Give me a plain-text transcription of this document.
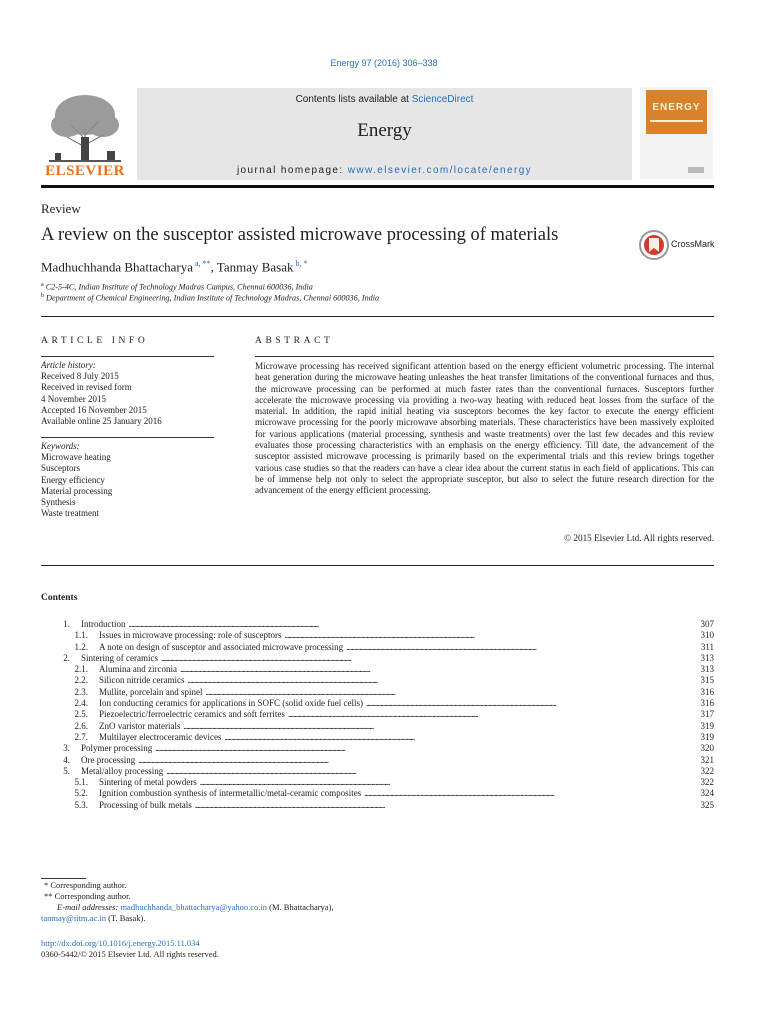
Energy 97 (2016) 306–338
ELSEVIER
Contents lists available at ScienceDirect
Energy
journal homepage: www.elsevier.com/locate/energy
ENERGY
Review
A review on the susceptor assisted microwave processing of materials	CrossMark
Madhuchhanda Bhattacharya $^{a, **}$, Tanmay Basak $^{b, *}$
$^a$ C2-5-4C, Indian Institute of Technology Madras Campus, Chennai 600036, India
$^b$ Department of Chemical Engineering, Indian Institute of Technology Madras, Chennai 600036, India
ARTICLE INFO
Article history:
Received 8 July 2015
Received in revised form
4 November 2015
Accepted 16 November 2015
Available online 25 January 2016
Keywords:
Microwave heating
Susceptors
Energy efficiency
Material processing
Synthesis
Waste treatment
ABSTRACT
Microwave processing has received significant attention based on the energy efficient volumetric processing. The internal heat generation during the microwave heating unleashes the heat transfer limitations of the conventional furnaces and thus, the microwave processing can be performed at much faster rates than the conventional furnaces. Susceptors further accelerate the microwave processing via providing a two-way heating with reduced heat losses from the surface of the material. In addition, the rapid initial heating via susceptors becomes the key factor to execute the energy efficient microwave processing for the poorly microwave absorbing materials. These characteristics have been massively exploited for various applications (material processing, synthesis and waste treatments) over the last few decades and this review evaluates those processing characteristics with an emphasis on the energy efficiency. Till date, the advancement of the susceptor assisted microwave processing is primarily based on the experimental trials and this review brings together various case studies so that the readers can have a clear idea about the current status in each field of applications. This can be of immense help not only to select the appropriate susceptor, but also to select the future research direction for the advancement of the energy efficient processing.
© 2015 Elsevier Ltd. All rights reserved.
Contents
1.	Introduction . . .	307
1.1.	Issues in microwave processing: role of susceptors . . .	310
1.2.	A note on design of susceptor and associated microwave processing . . .	311
2.	Sintering of ceramics . . .	313
2.1.	Alumina and zirconia . . .	313
2.2.	Silicon nitride ceramics . . .	315
2.3.	Mullite, porcelain and spinel . . .	316
2.4.	Ion conducting ceramics for applications in SOFC (solid oxide fuel cells) . . .	316
2.5.	Piezoelectric/ferroelectric ceramics and soft ferrites . . .	317
2.6.	ZnO varistor materials . . .	319
2.7.	Multilayer electroceramic devices . . .	319
3.	Polymer processing . . .	320
4.	Ore processing . . .	321
5.	Metal/alloy processing . . .	322
5.1.	Sintering of metal powders . . .	322
5.2.	Ignition combustion synthesis of intermetallic/metal-ceramic composites . . .	324
5.3.	Processing of bulk metals . . .	325
* Corresponding author.
** Corresponding author.
E-mail addresses: madhuchhanda_bhattacharya@yahoo.co.in (M. Bhattacharya),
tanmay@iitm.ac.in (T. Basak).
http://dx.doi.org/10.1016/j.energy.2015.11.034
0360-5442/© 2015 Elsevier Ltd. All rights reserved.
